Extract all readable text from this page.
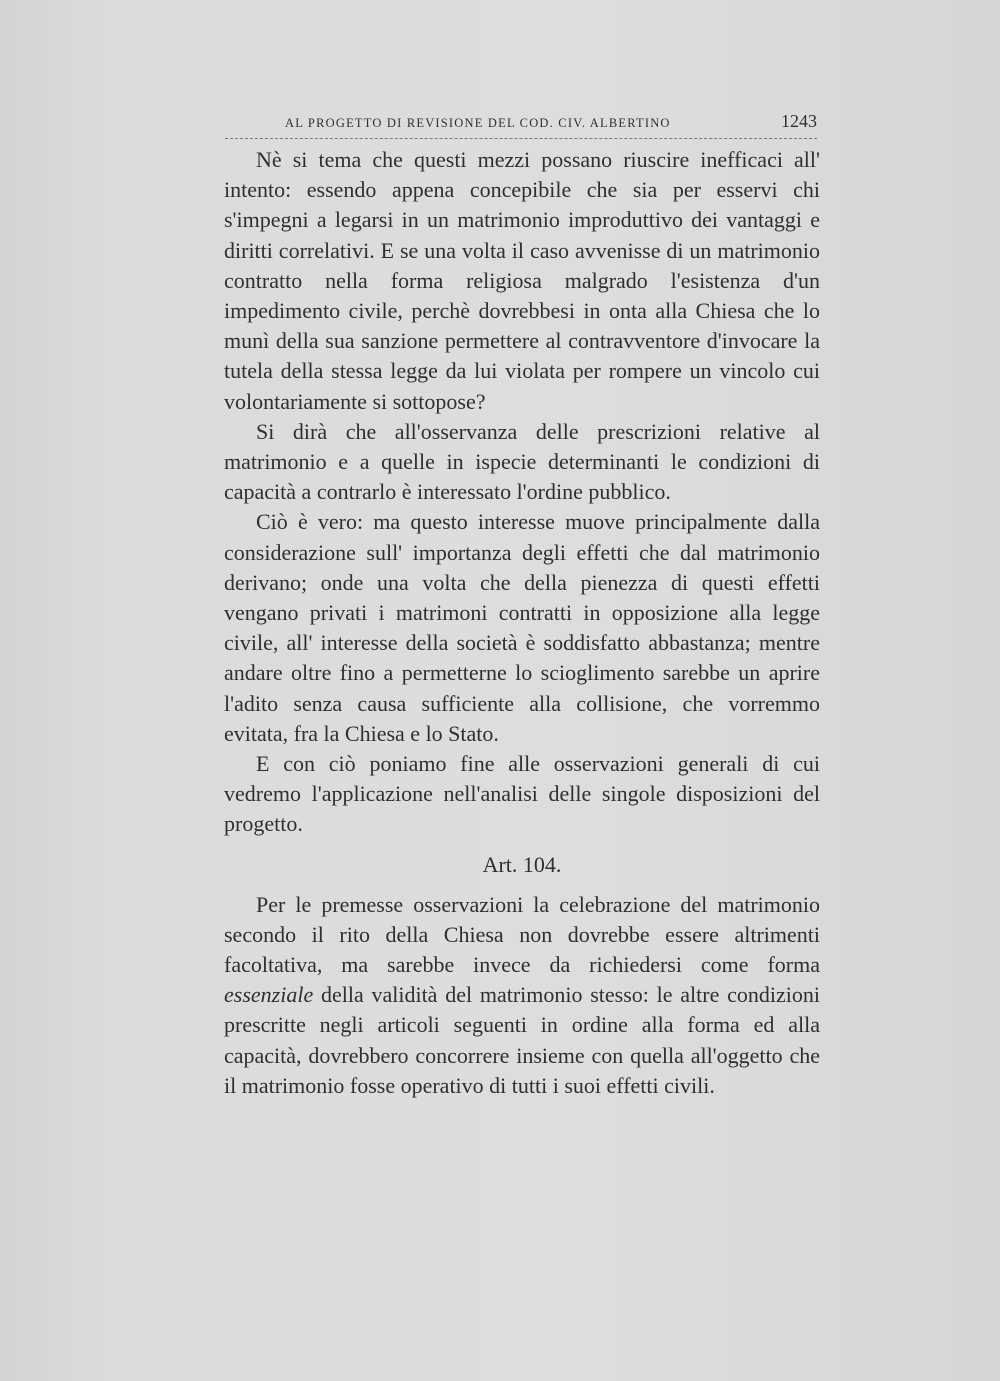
AL PROGETTO DI REVISIONE DEL COD. CIV. ALBERTINO	1243

Nè si tema che questi mezzi possano riuscire inefficaci all' intento: essendo appena concepibile che sia per esservi chi s'impegni a legarsi in un matrimonio improduttivo dei vantaggi e diritti correlativi. E se una volta il caso avvenisse di un matrimonio contratto nella forma religiosa malgrado l'esistenza d'un impedimento civile, perchè dovrebbesi in onta alla Chiesa che lo munì della sua sanzione permettere al contravventore d'invocare la tutela della stessa legge da lui violata per rompere un vincolo cui volontariamente si sottopose?

Si dirà che all'osservanza delle prescrizioni relative al matrimonio e a quelle in ispecie determinanti le condizioni di capacità a contrarlo è interessato l'ordine pubblico.

Ciò è vero: ma questo interesse muove principalmente dalla considerazione sull' importanza degli effetti che dal matrimonio derivano; onde una volta che della pienezza di questi effetti vengano privati i matrimoni contratti in opposizione alla legge civile, all' interesse della società è soddisfatto abbastanza; mentre andare oltre fino a permetterne lo scioglimento sarebbe un aprire l'adito senza causa sufficiente alla collisione, che vorremmo evitata, fra la Chiesa e lo Stato.

E con ciò poniamo fine alle osservazioni generali di cui vedremo l'applicazione nell'analisi delle singole disposizioni del progetto.

Art. 104.

Per le premesse osservazioni la celebrazione del matrimonio secondo il rito della Chiesa non dovrebbe essere altrimenti facoltativa, ma sarebbe invece da richiedersi come forma essenziale della validità del matrimonio stesso: le altre condizioni prescritte negli articoli seguenti in ordine alla forma ed alla capacità, dovrebbero concorrere insieme con quella all'oggetto che il matrimonio fosse operativo di tutti i suoi effetti civili.
